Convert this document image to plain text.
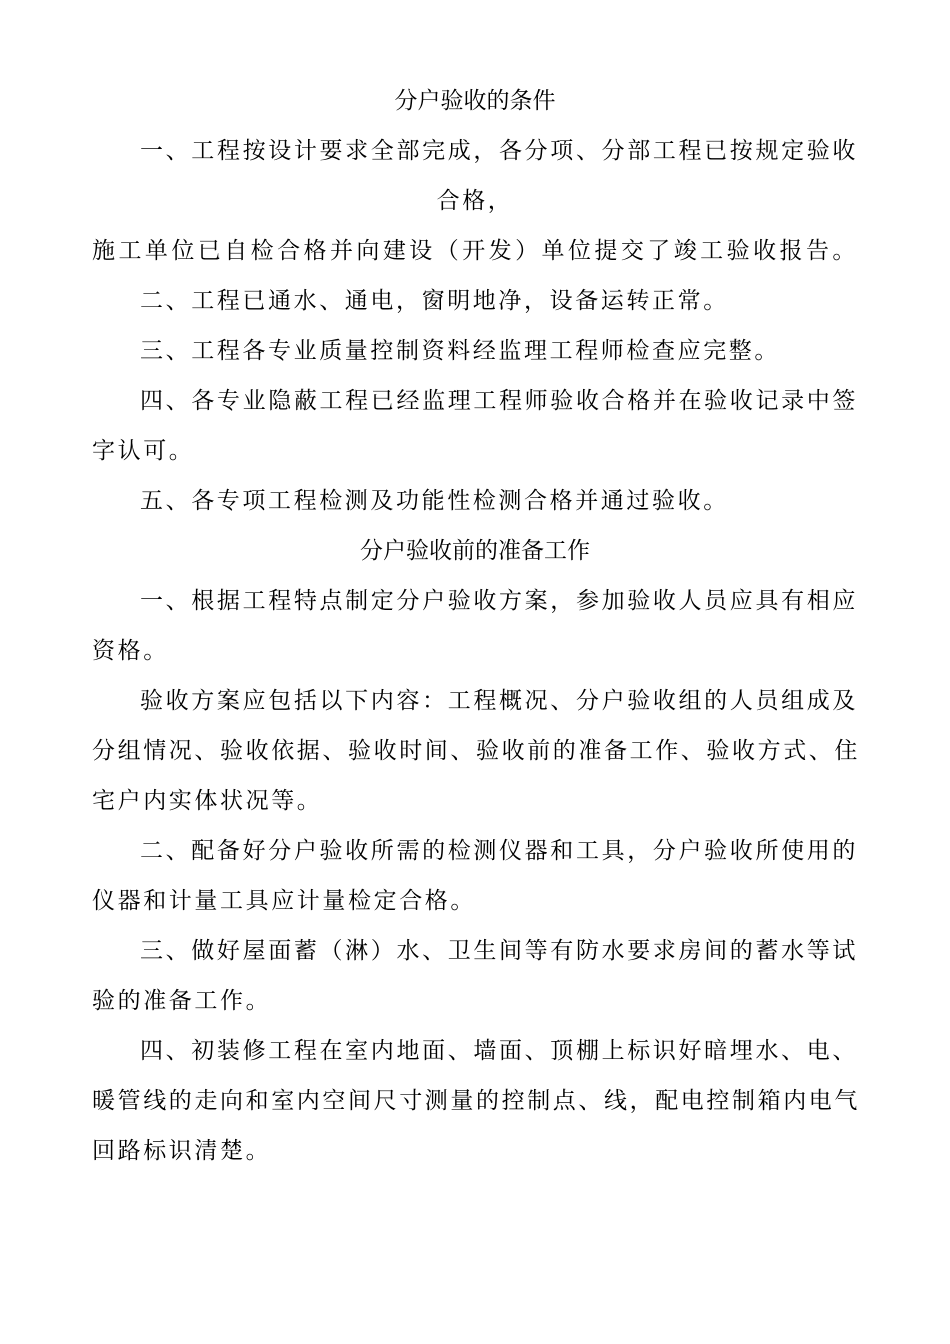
分户验收的条件
一、工程按设计要求全部完成，各分项、分部工程已按规定验收
合格，
施工单位已自检合格并向建设（开发）单位提交了竣工验收报告。
二、工程已通水、通电，窗明地净，设备运转正常。
三、工程各专业质量控制资料经监理工程师检查应完整。
四、各专业隐蔽工程已经监理工程师验收合格并在验收记录中签
字认可。
五、各专项工程检测及功能性检测合格并通过验收。
分户验收前的准备工作
一、根据工程特点制定分户验收方案，参加验收人员应具有相应
资格。
验收方案应包括以下内容：工程概况、分户验收组的人员组成及
分组情况、验收依据、验收时间、验收前的准备工作、验收方式、住
宅户内实体状况等。
二、配备好分户验收所需的检测仪器和工具，分户验收所使用的
仪器和计量工具应计量检定合格。
三、做好屋面蓄（淋）水、卫生间等有防水要求房间的蓄水等试
验的准备工作。
四、初装修工程在室内地面、墙面、顶棚上标识好暗埋水、电、
暖管线的走向和室内空间尺寸测量的控制点、线，配电控制箱内电气
回路标识清楚。
